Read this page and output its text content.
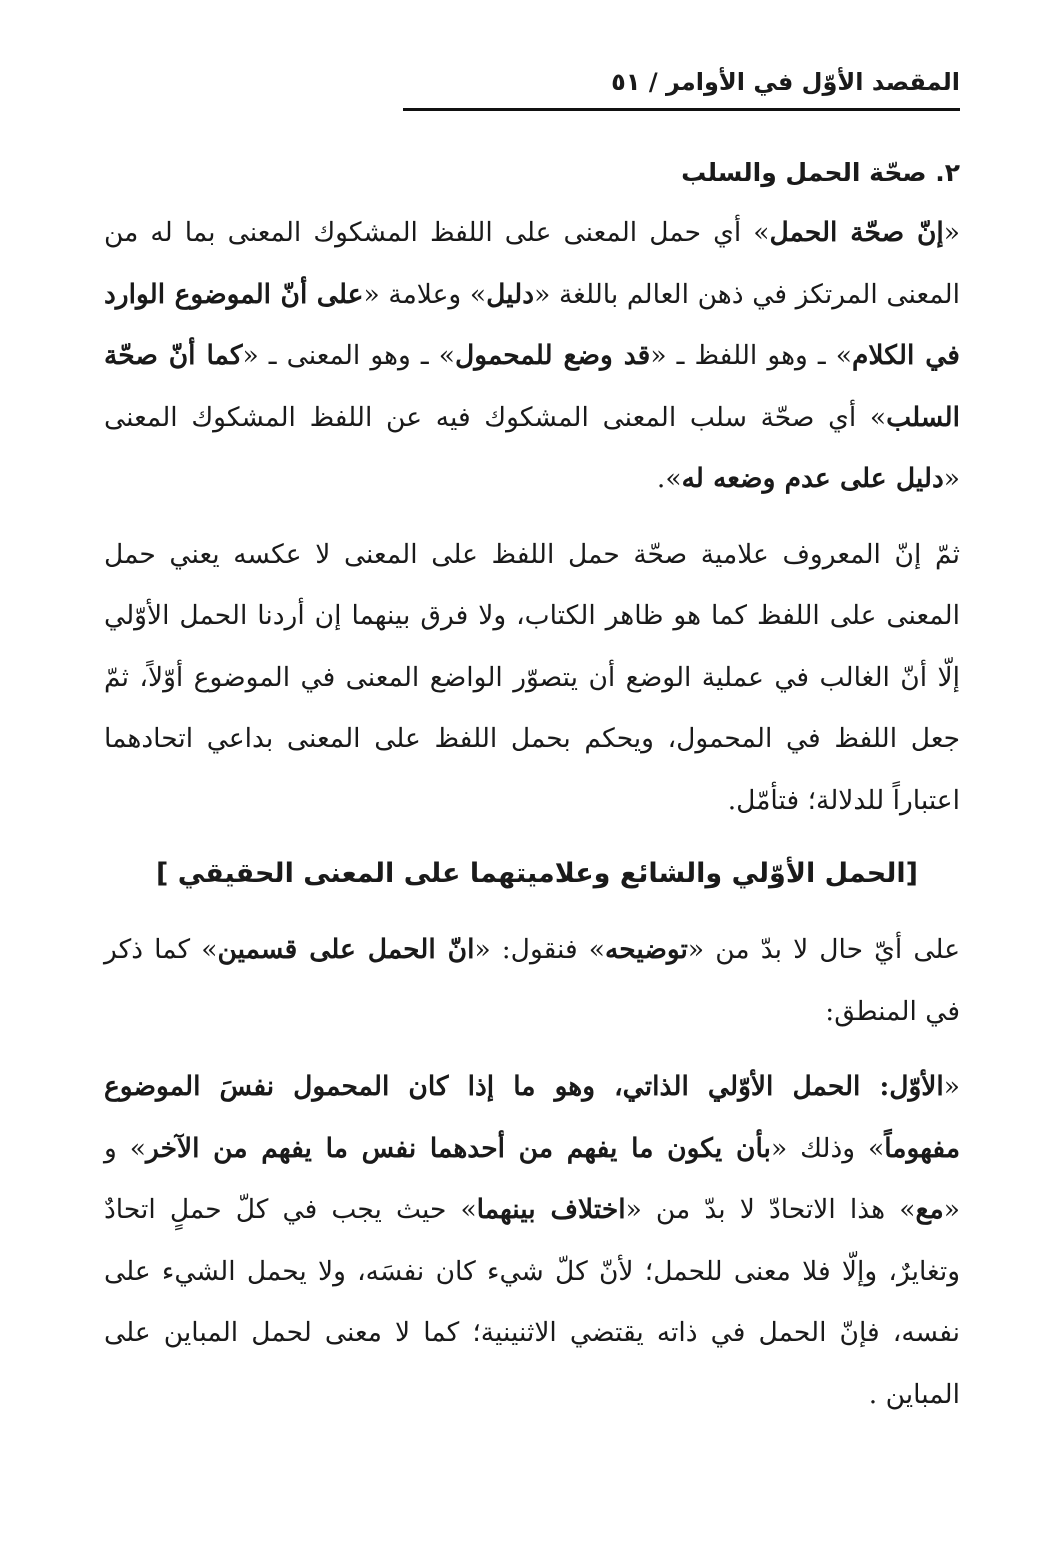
المقصد الأوّل في الأوامر / ٥١
٢. صحّة الحمل والسلب

«إنّ صحّة الحمل» أي حمل المعنى على اللفظ المشكوك المعنى بما له من المعنى المرتكز في ذهن العالم باللغة «دليل» وعلامة «على أنّ الموضوع الوارد في الكلام» ـ وهو اللفظ ـ «قد وضع للمحمول» ـ وهو المعنى ـ «كما أنّ صحّة السلب» أي صحّة سلب المعنى المشكوك فيه عن اللفظ المشكوك المعنى «دليل على عدم وضعه له».

ثمّ إنّ المعروف علامية صحّة حمل اللفظ على المعنى لا عكسه يعني حمل المعنى على اللفظ كما هو ظاهر الكتاب، ولا فرق بينهما إن أردنا الحمل الأوّلي إلّا أنّ الغالب في عملية الوضع أن يتصوّر الواضع المعنى في الموضوع أوّلاً، ثمّ جعل اللفظ في المحمول، ويحكم بحمل اللفظ على المعنى بداعي اتحادهما اعتباراً للدلالة؛ فتأمّل.

[الحمل الأوّلي والشائع وعلاميتهما على المعنى الحقيقي ]

على أيّ حال لا بدّ من «توضيحه» فنقول: «انّ الحمل على قسمين» كما ذكر في المنطق:

«الأوّل: الحمل الأوّلي الذاتي، وهو ما إذا كان المحمول نفسَ الموضوع مفهوماً» وذلك «بأن يكون ما يفهم من أحدهما نفس ما يفهم من الآخر» و «مع» هذا الاتحادّ لا بدّ من «اختلاف بينهما» حيث يجب في كلّ حملٍ اتحادٌ وتغايرٌ، وإلّا فلا معنى للحمل؛ لأنّ كلّ شيء كان نفسَه، ولا يحمل الشيء على نفسه، فإنّ الحمل في ذاته يقتضي الاثنينية؛ كما لا معنى لحمل المباين على المباين .
